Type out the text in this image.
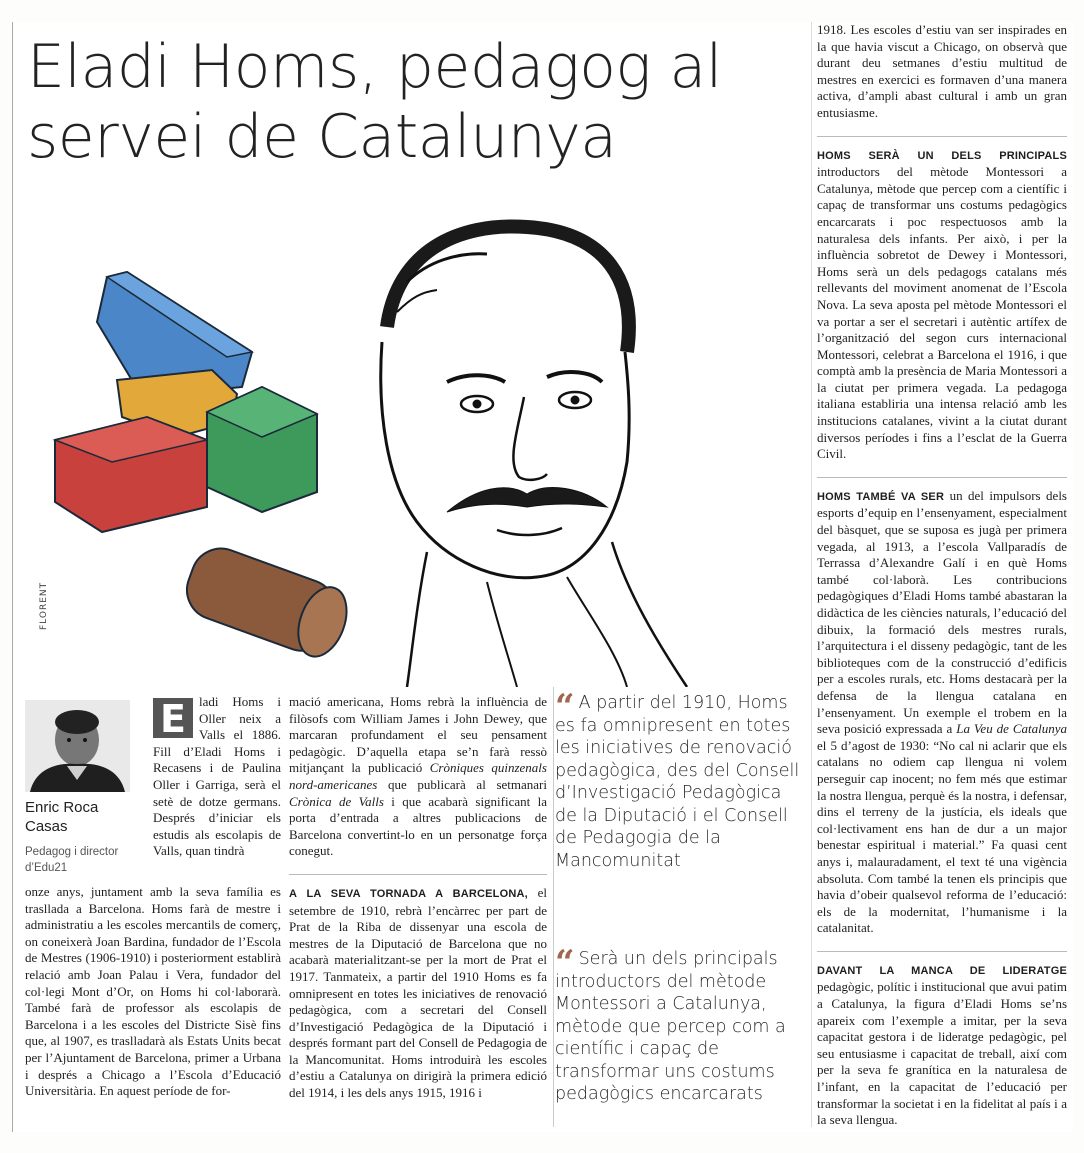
Eladi Homs, pedagog al servei de Catalunya
FLORENT
Enric Roca Casas
Pedagog i director d’Edu21

E	ladi Homs i Oller neix a Valls el 1886. Fill d’Eladi Homs i Recasens i de Paulina Oller i Garriga, serà el setè de dotze germans. Després d’iniciar els estudis als escolapis de Valls, quan tindrà

onze anys, juntament amb la seva família es trasllada a Barcelona. Homs farà de mestre i administratiu a les escoles mercantils de comerç, on coneixerà Joan Bardina, fundador de l’Escola de Mestres (1906-1910) i posteriorment establirà relació amb Joan Palau i Vera, fundador del col·legi Mont d’Or, on Homs hi col·laborarà. També farà de professor als escolapis de Barcelona i a les escoles del Districte Sisè fins que, al 1907, es traslladarà als Estats Units becat per l’Ajuntament de Barcelona, primer a Urbana i després a Chicago a l’Escola d’Educació Universitària. En aquest període de for-

mació americana, Homs rebrà la influència de filòsofs com William James i John Dewey, que marcaran profundament el seu pensament pedagògic. D’aquella etapa se’n farà ressò mitjançant la publicació Cròniques quinzenals nord-americanes que publicarà al setmanari Crònica de Valls i que acabarà significant la porta d’entrada a altres publicacions de Barcelona convertint-lo en un personatge força conegut.

A LA SEVA TORNADA A BARCELONA, el setembre de 1910, rebrà l’encàrrec per part de Prat de la Riba de dissenyar una escola de mestres de la Diputació de Barcelona que no acabarà materialitzant-se per la mort de Prat el 1917. Tanmateix, a partir del 1910 Homs es fa omnipresent en totes les iniciatives de renovació pedagògica, com a secretari del Consell d’Investigació Pedagògica de la Diputació i després formant part del Consell de Pedagogia de la Mancomunitat. Homs introduirà les escoles d’estiu a Catalunya on dirigirà la primera edició del 1914, i les dels anys 1915, 1916 i

“ A partir del 1910, Homs es fa omnipresent en totes les iniciatives de renovació pedagògica, des del Consell d’Investigació Pedagògica de la Diputació i el Consell de Pedagogia de la Mancomunitat
“ Serà un dels principals introductors del mètode Montessori a Catalunya, mètode que percep com a científic i capaç de transformar uns costums pedagògics encarcarats

1918. Les escoles d’estiu van ser inspirades en la que havia viscut a Chicago, on observà que durant deu setmanes d’estiu multitud de mestres en exercici es formaven d’una manera activa, d’ampli abast cultural i amb un gran entusiasme.

HOMS SERÀ UN DELS PRINCIPALS introductors del mètode Montessori a Catalunya, mètode que percep com a científic i capaç de transformar uns costums pedagògics encarcarats i poc respectuosos amb la naturalesa dels infants. Per això, i per la influència sobretot de Dewey i Montessori, Homs serà un dels pedagogs catalans més rellevants del moviment anomenat de l’Escola Nova. La seva aposta pel mètode Montessori el va portar a ser el secretari i autèntic artífex de l’organització del segon curs internacional Montessori, celebrat a Barcelona el 1916, i que comptà amb la presència de Maria Montessori a la ciutat per primera vegada. La pedagoga italiana establiria una intensa relació amb les institucions catalanes, vivint a la ciutat durant diversos períodes i fins a l’esclat de la Guerra Civil.

HOMS TAMBÉ VA SER un del impulsors dels esports d’equip en l’ensenyament, especialment del bàsquet, que se suposa es jugà per primera vegada, al 1913, a l’escola Vallparadís de Terrassa d’Alexandre Galí i en què Homs també col·laborà. Les contribucions pedagògiques d’Eladi Homs també abastaran la didàctica de les ciències naturals, l’educació del dibuix, la formació dels mestres rurals, l’arquitectura i el disseny pedagògic, tant de les biblioteques com de la construcció d’edificis per a escoles rurals, etc. Homs destacarà per la defensa de la llengua catalana en l’ensenyament. Un exemple el trobem en la seva posició expressada a La Veu de Catalunya el 5 d’agost de 1930: “No cal ni aclarir que els catalans no odiem cap llengua ni volem perseguir cap inocent; no fem més que estimar la nostra llengua, perquè és la nostra, i defensar, dins el terreny de la justícia, els ideals que col·lectivament ens han de dur a un major benestar espiritual i material.” Fa quasi cent anys i, malauradament, el text té una vigència absoluta. Com també la tenen els principis que havia d’obeir qualsevol reforma de l’educació: els de la modernitat, l’humanisme i la catalanitat.

DAVANT LA MANCA DE LIDERATGE pedagògic, polític i institucional que avui patim a Catalunya, la figura d’Eladi Homs se’ns apareix com l’exemple a imitar, per la seva capacitat gestora i de lideratge pedagògic, pel seu entusiasme i capacitat de treball, així com per la seva fe granítica en la naturalesa de l’infant, en la capacitat de l’educació per transformar la societat i en la fidelitat al país i a la seva llengua.
